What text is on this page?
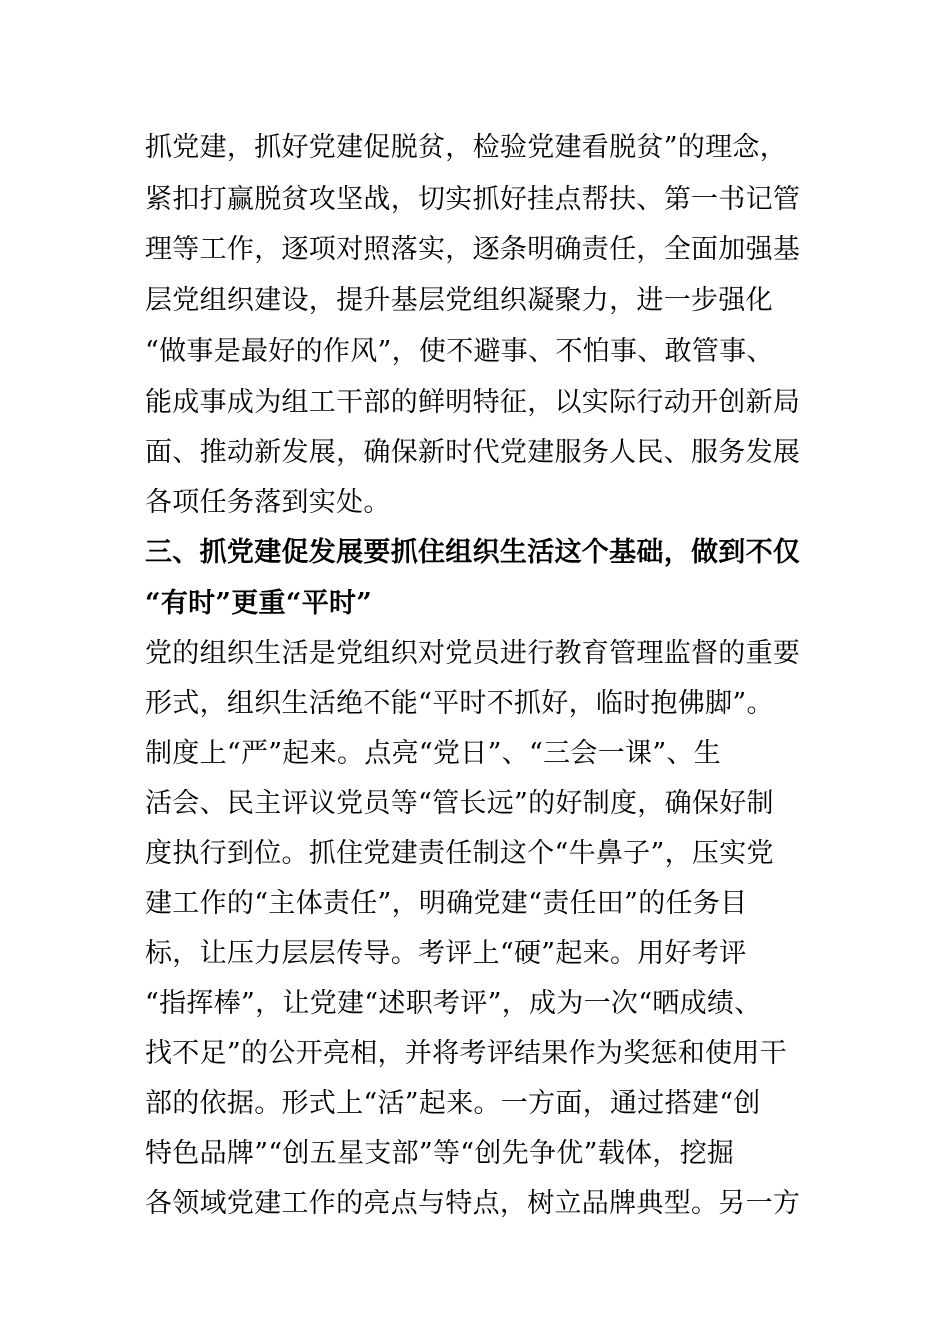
抓党建，抓好党建促脱贫，检验党建看脱贫”的理念，
紧扣打赢脱贫攻坚战，切实抓好挂点帮扶、第一书记管
理等工作，逐项对照落实，逐条明确责任，全面加强基
层党组织建设，提升基层党组织凝聚力，进一步强化
“做事是最好的作风”，使不避事、不怕事、敢管事、
能成事成为组工干部的鲜明特征，以实际行动开创新局
面、推动新发展，确保新时代党建服务人民、服务发展
各项任务落到实处。
三、抓党建促发展要抓住组织生活这个基础，做到不仅
“有时”更重“平时”
党的组织生活是党组织对党员进行教育管理监督的重要
形式，组织生活绝不能“平时不抓好，临时抱佛脚”。
制度上“严”起来。点亮“党日”、“三会一课”、生
活会、民主评议党员等“管长远”的好制度，确保好制
度执行到位。抓住党建责任制这个“牛鼻子”，压实党
建工作的“主体责任”，明确党建“责任田”的任务目
标，让压力层层传导。考评上“硬”起来。用好考评
“指挥棒”，让党建“述职考评”，成为一次“晒成绩、
找不足”的公开亮相，并将考评结果作为奖惩和使用干
部的依据。形式上“活”起来。一方面，通过搭建“创
特色品牌”“创五星支部”等“创先争优”载体，挖掘
各领域党建工作的亮点与特点，树立品牌典型。另一方
